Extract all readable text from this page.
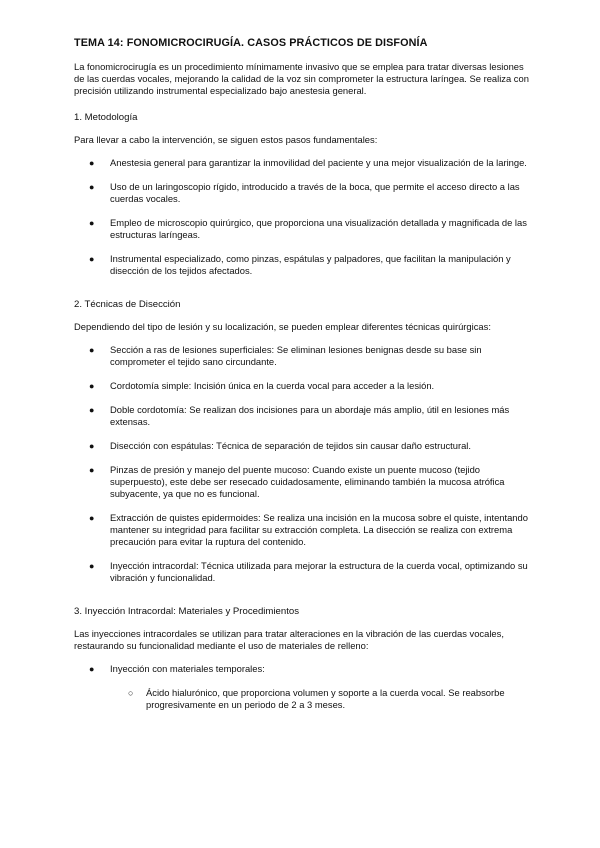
TEMA 14: FONOMICROCIRUGÍA. CASOS PRÁCTICOS DE DISFONÍA

La fonomicrocirugía es un procedimiento mínimamente invasivo que se emplea para tratar diversas lesiones de las cuerdas vocales, mejorando la calidad de la voz sin comprometer la estructura laríngea. Se realiza con precisión utilizando instrumental especializado bajo anestesia general.

1. Metodología

Para llevar a cabo la intervención, se siguen estos pasos fundamentales:

● Anestesia general para garantizar la inmovilidad del paciente y una mejor visualización de la laringe.
● Uso de un laringoscopio rígido, introducido a través de la boca, que permite el acceso directo a las cuerdas vocales.
● Empleo de microscopio quirúrgico, que proporciona una visualización detallada y magnificada de las estructuras laríngeas.
● Instrumental especializado, como pinzas, espátulas y palpadores, que facilitan la manipulación y disección de los tejidos afectados.
2. Técnicas de Disección

Dependiendo del tipo de lesión y su localización, se pueden emplear diferentes técnicas quirúrgicas:

● Sección a ras de lesiones superficiales: Se eliminan lesiones benignas desde su base sin comprometer el tejido sano circundante.
● Cordotomía simple: Incisión única en la cuerda vocal para acceder a la lesión.
● Doble cordotomía: Se realizan dos incisiones para un abordaje más amplio, útil en lesiones más extensas.
● Disección con espátulas: Técnica de separación de tejidos sin causar daño estructural.
● Pinzas de presión y manejo del puente mucoso: Cuando existe un puente mucoso (tejido superpuesto), este debe ser resecado cuidadosamente, eliminando también la mucosa atrófica subyacente, ya que no es funcional.
● Extracción de quistes epidermoides: Se realiza una incisión en la mucosa sobre el quiste, intentando mantener su integridad para facilitar su extracción completa. La disección se realiza con extrema precaución para evitar la ruptura del contenido.
● Inyección intracordal: Técnica utilizada para mejorar la estructura de la cuerda vocal, optimizando su vibración y funcionalidad.
3. Inyección Intracordal: Materiales y Procedimientos

Las inyecciones intracordales se utilizan para tratar alteraciones en la vibración de las cuerdas vocales, restaurando su funcionalidad mediante el uso de materiales de relleno:

● Inyección con materiales temporales:
○ Ácido hialurónico, que proporciona volumen y soporte a la cuerda vocal. Se reabsorbe progresivamente en un periodo de 2 a 3 meses.
